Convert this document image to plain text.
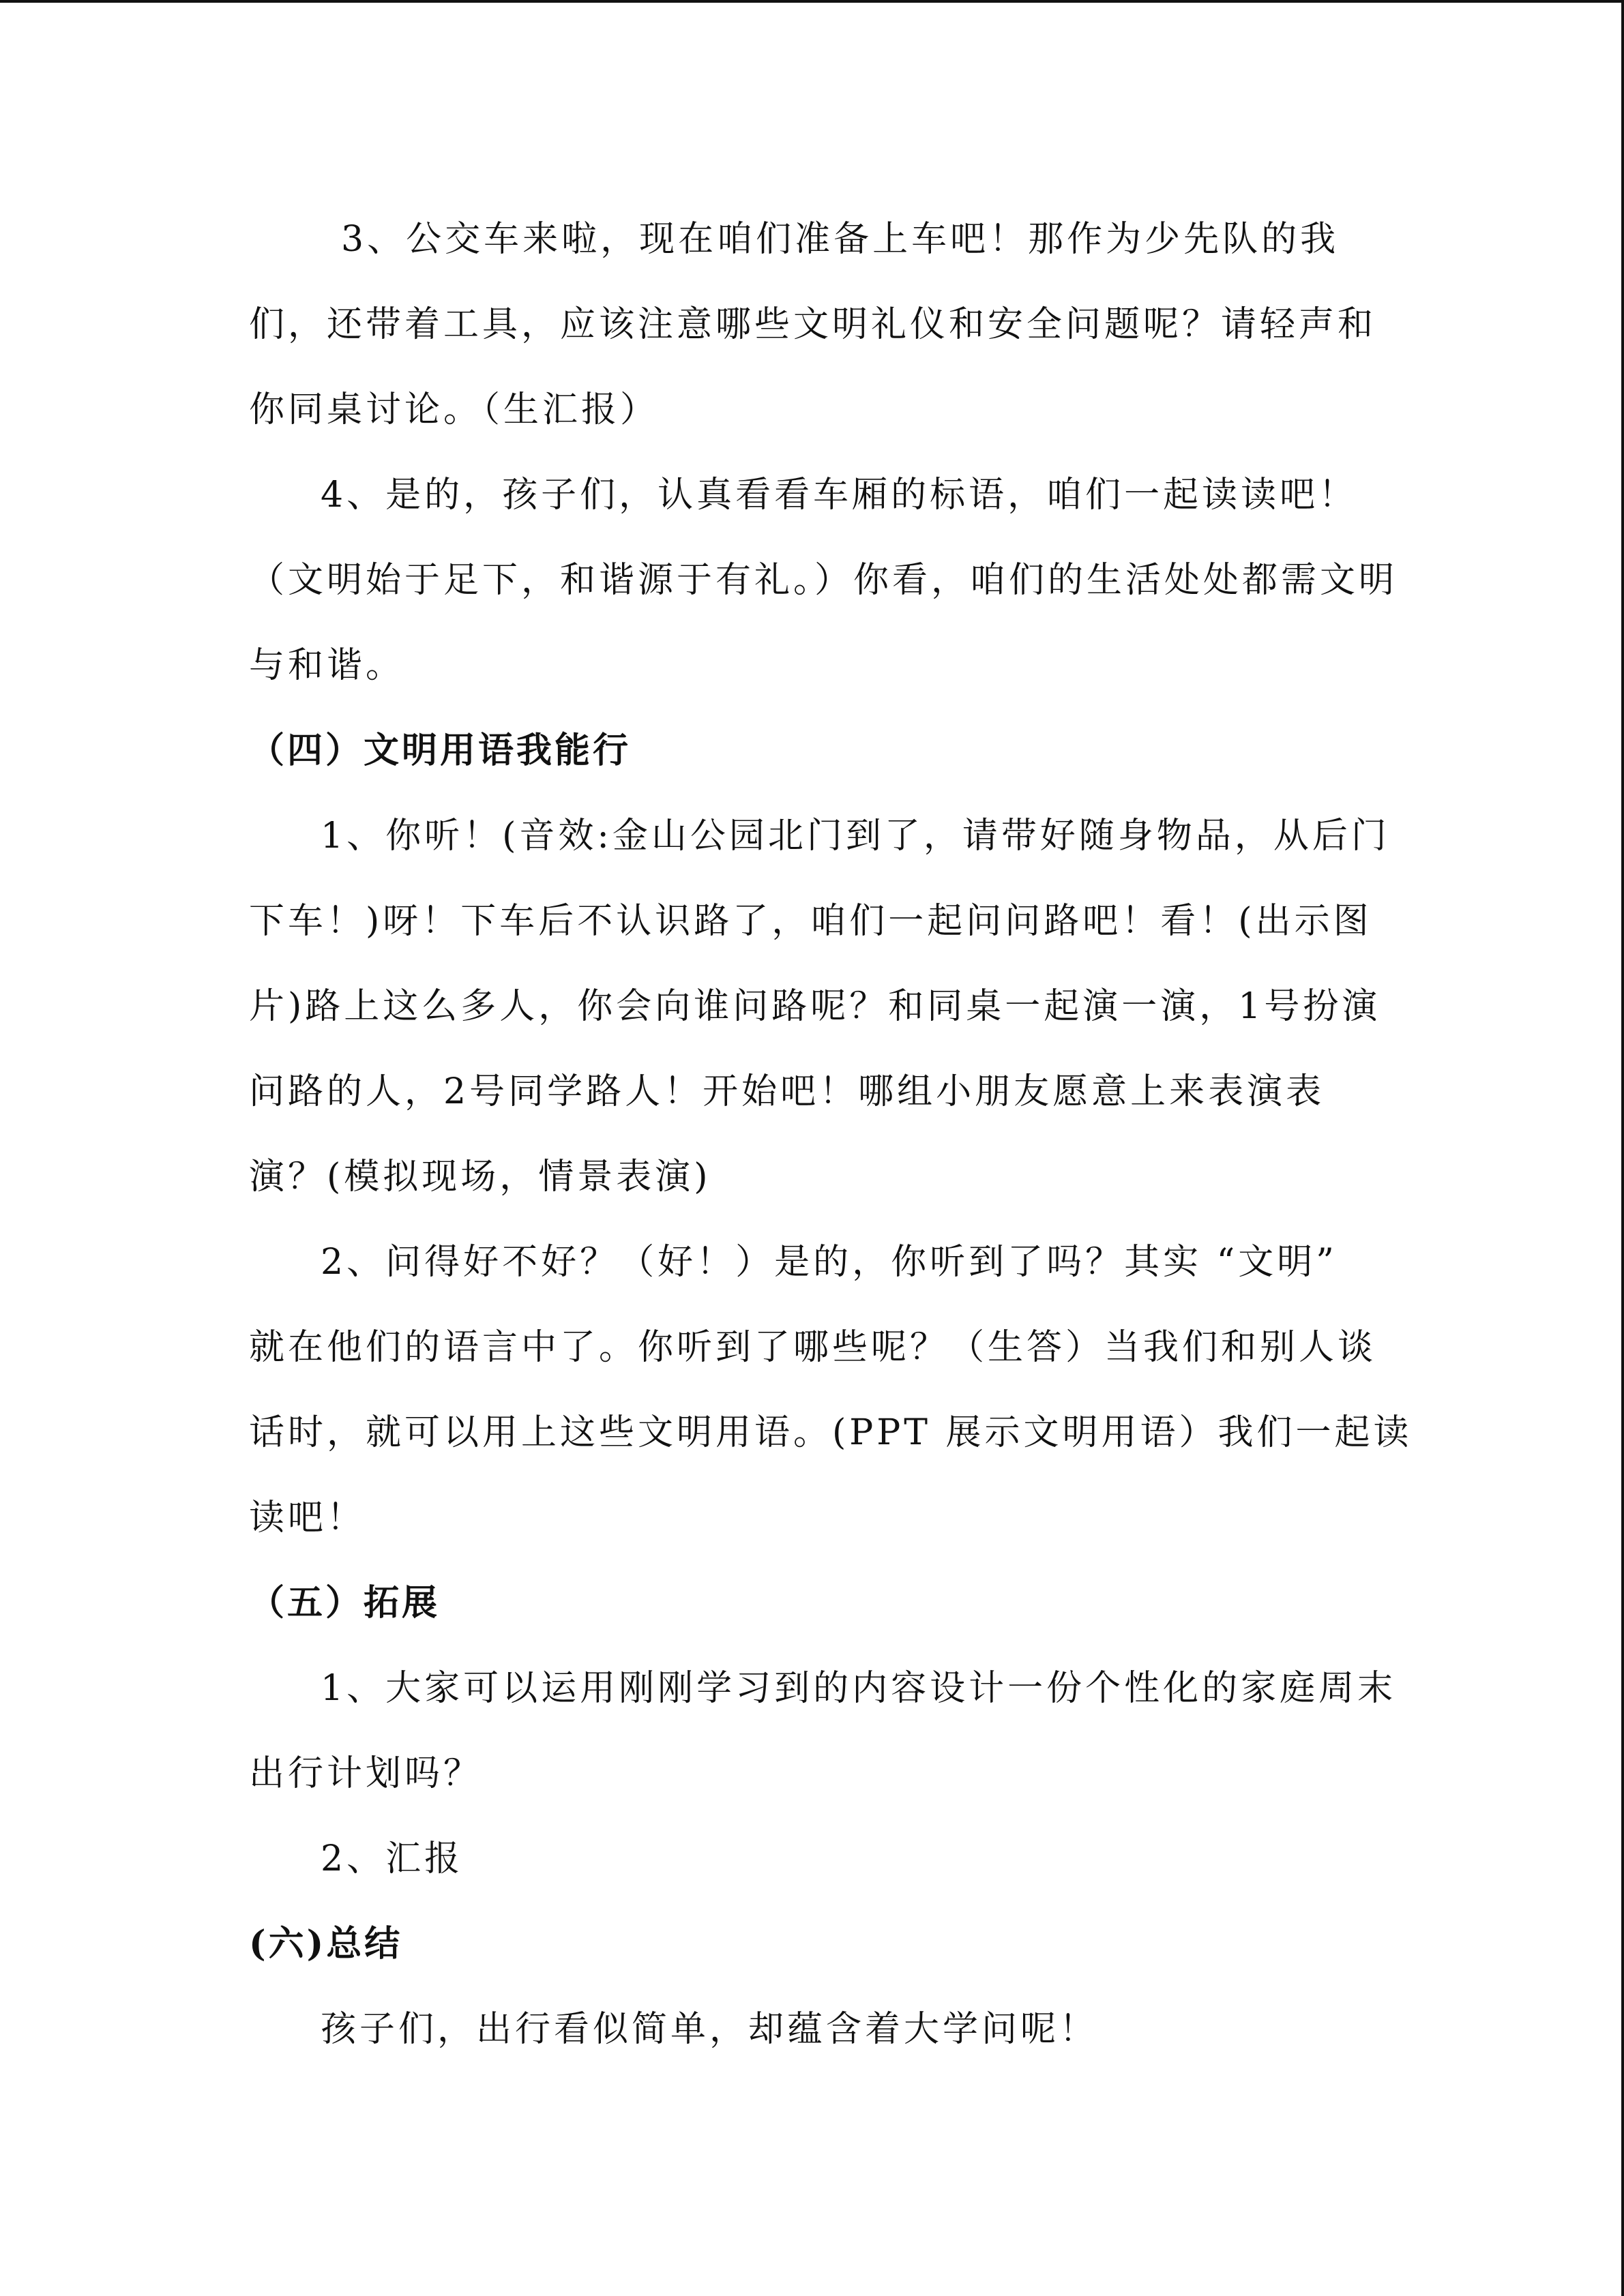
3、公交车来啦，现在咱们准备上车吧！那作为少先队的我
们，还带着工具，应该注意哪些文明礼仪和安全问题呢？请轻声和
你同桌讨论。（生汇报）
4、是的，孩子们，认真看看车厢的标语，咱们一起读读吧！
（文明始于足下，和谐源于有礼。）你看，咱们的生活处处都需文明
与和谐。
（四）文明用语我能行
1、你听！(音效:金山公园北门到了，请带好随身物品，从后门
下车！)呀！下车后不认识路了，咱们一起问问路吧！看！(出示图
片)路上这么多人，你会向谁问路呢？和同桌一起演一演，1号扮演
问路的人，2号同学路人！开始吧！哪组小朋友愿意上来表演表
演？(模拟现场，情景表演)
2、问得好不好？（好！）是的，你听到了吗？其实 “文明”
就在他们的语言中了。你听到了哪些呢？（生答）当我们和别人谈
话时，就可以用上这些文明用语。(PPT 展示文明用语）我们一起读
读吧！
（五）拓展
1、大家可以运用刚刚学习到的内容设计一份个性化的家庭周末
出行计划吗？
2、汇报
(六)总结
孩子们，出行看似简单，却蕴含着大学问呢！
